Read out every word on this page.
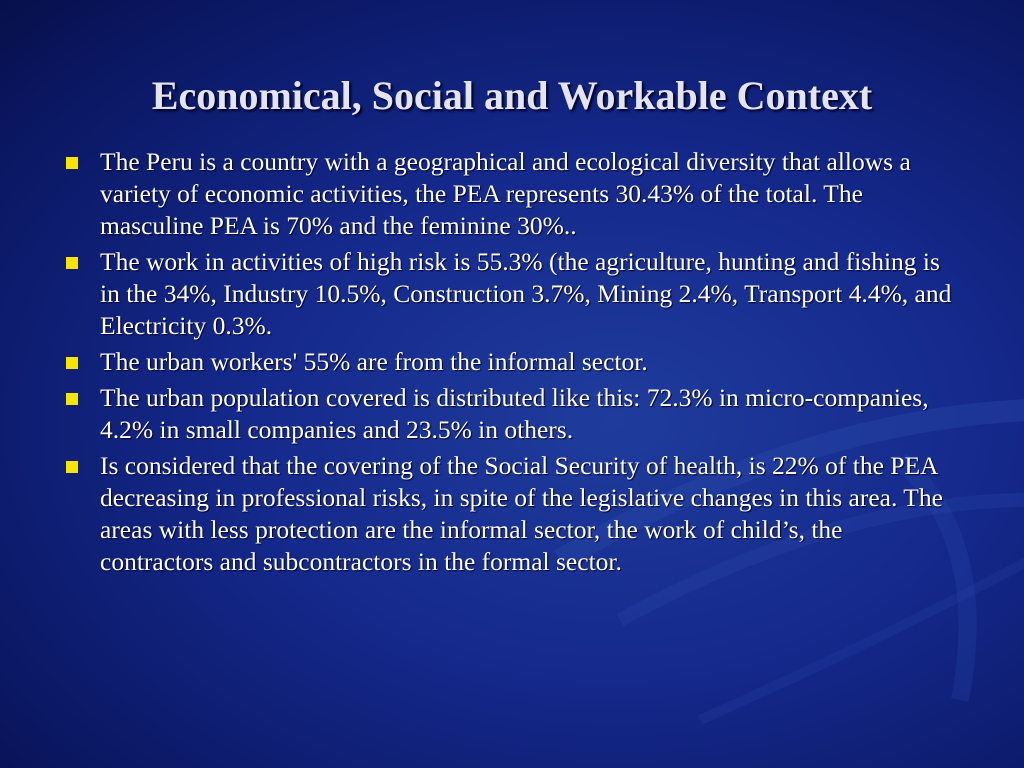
Economical, Social and Workable Context
The Peru is a country with a geographical and ecological diversity that allows a variety of economic activities, the PEA represents 30.43% of the total. The masculine PEA is 70% and the feminine 30%..
The work in activities of high risk is 55.3% (the agriculture, hunting and fishing is in the 34%, Industry 10.5%, Construction 3.7%, Mining 2.4%, Transport 4.4%, and Electricity 0.3%.
The urban workers' 55% are from the informal sector.
The urban population covered is distributed like this: 72.3% in micro-companies, 4.2% in small companies and 23.5% in others.
Is considered that the covering of the Social Security of health, is 22% of the PEA decreasing in professional risks, in spite of the legislative changes in this area. The areas with less protection are the informal sector, the work of child’s, the contractors and subcontractors in the formal sector.
